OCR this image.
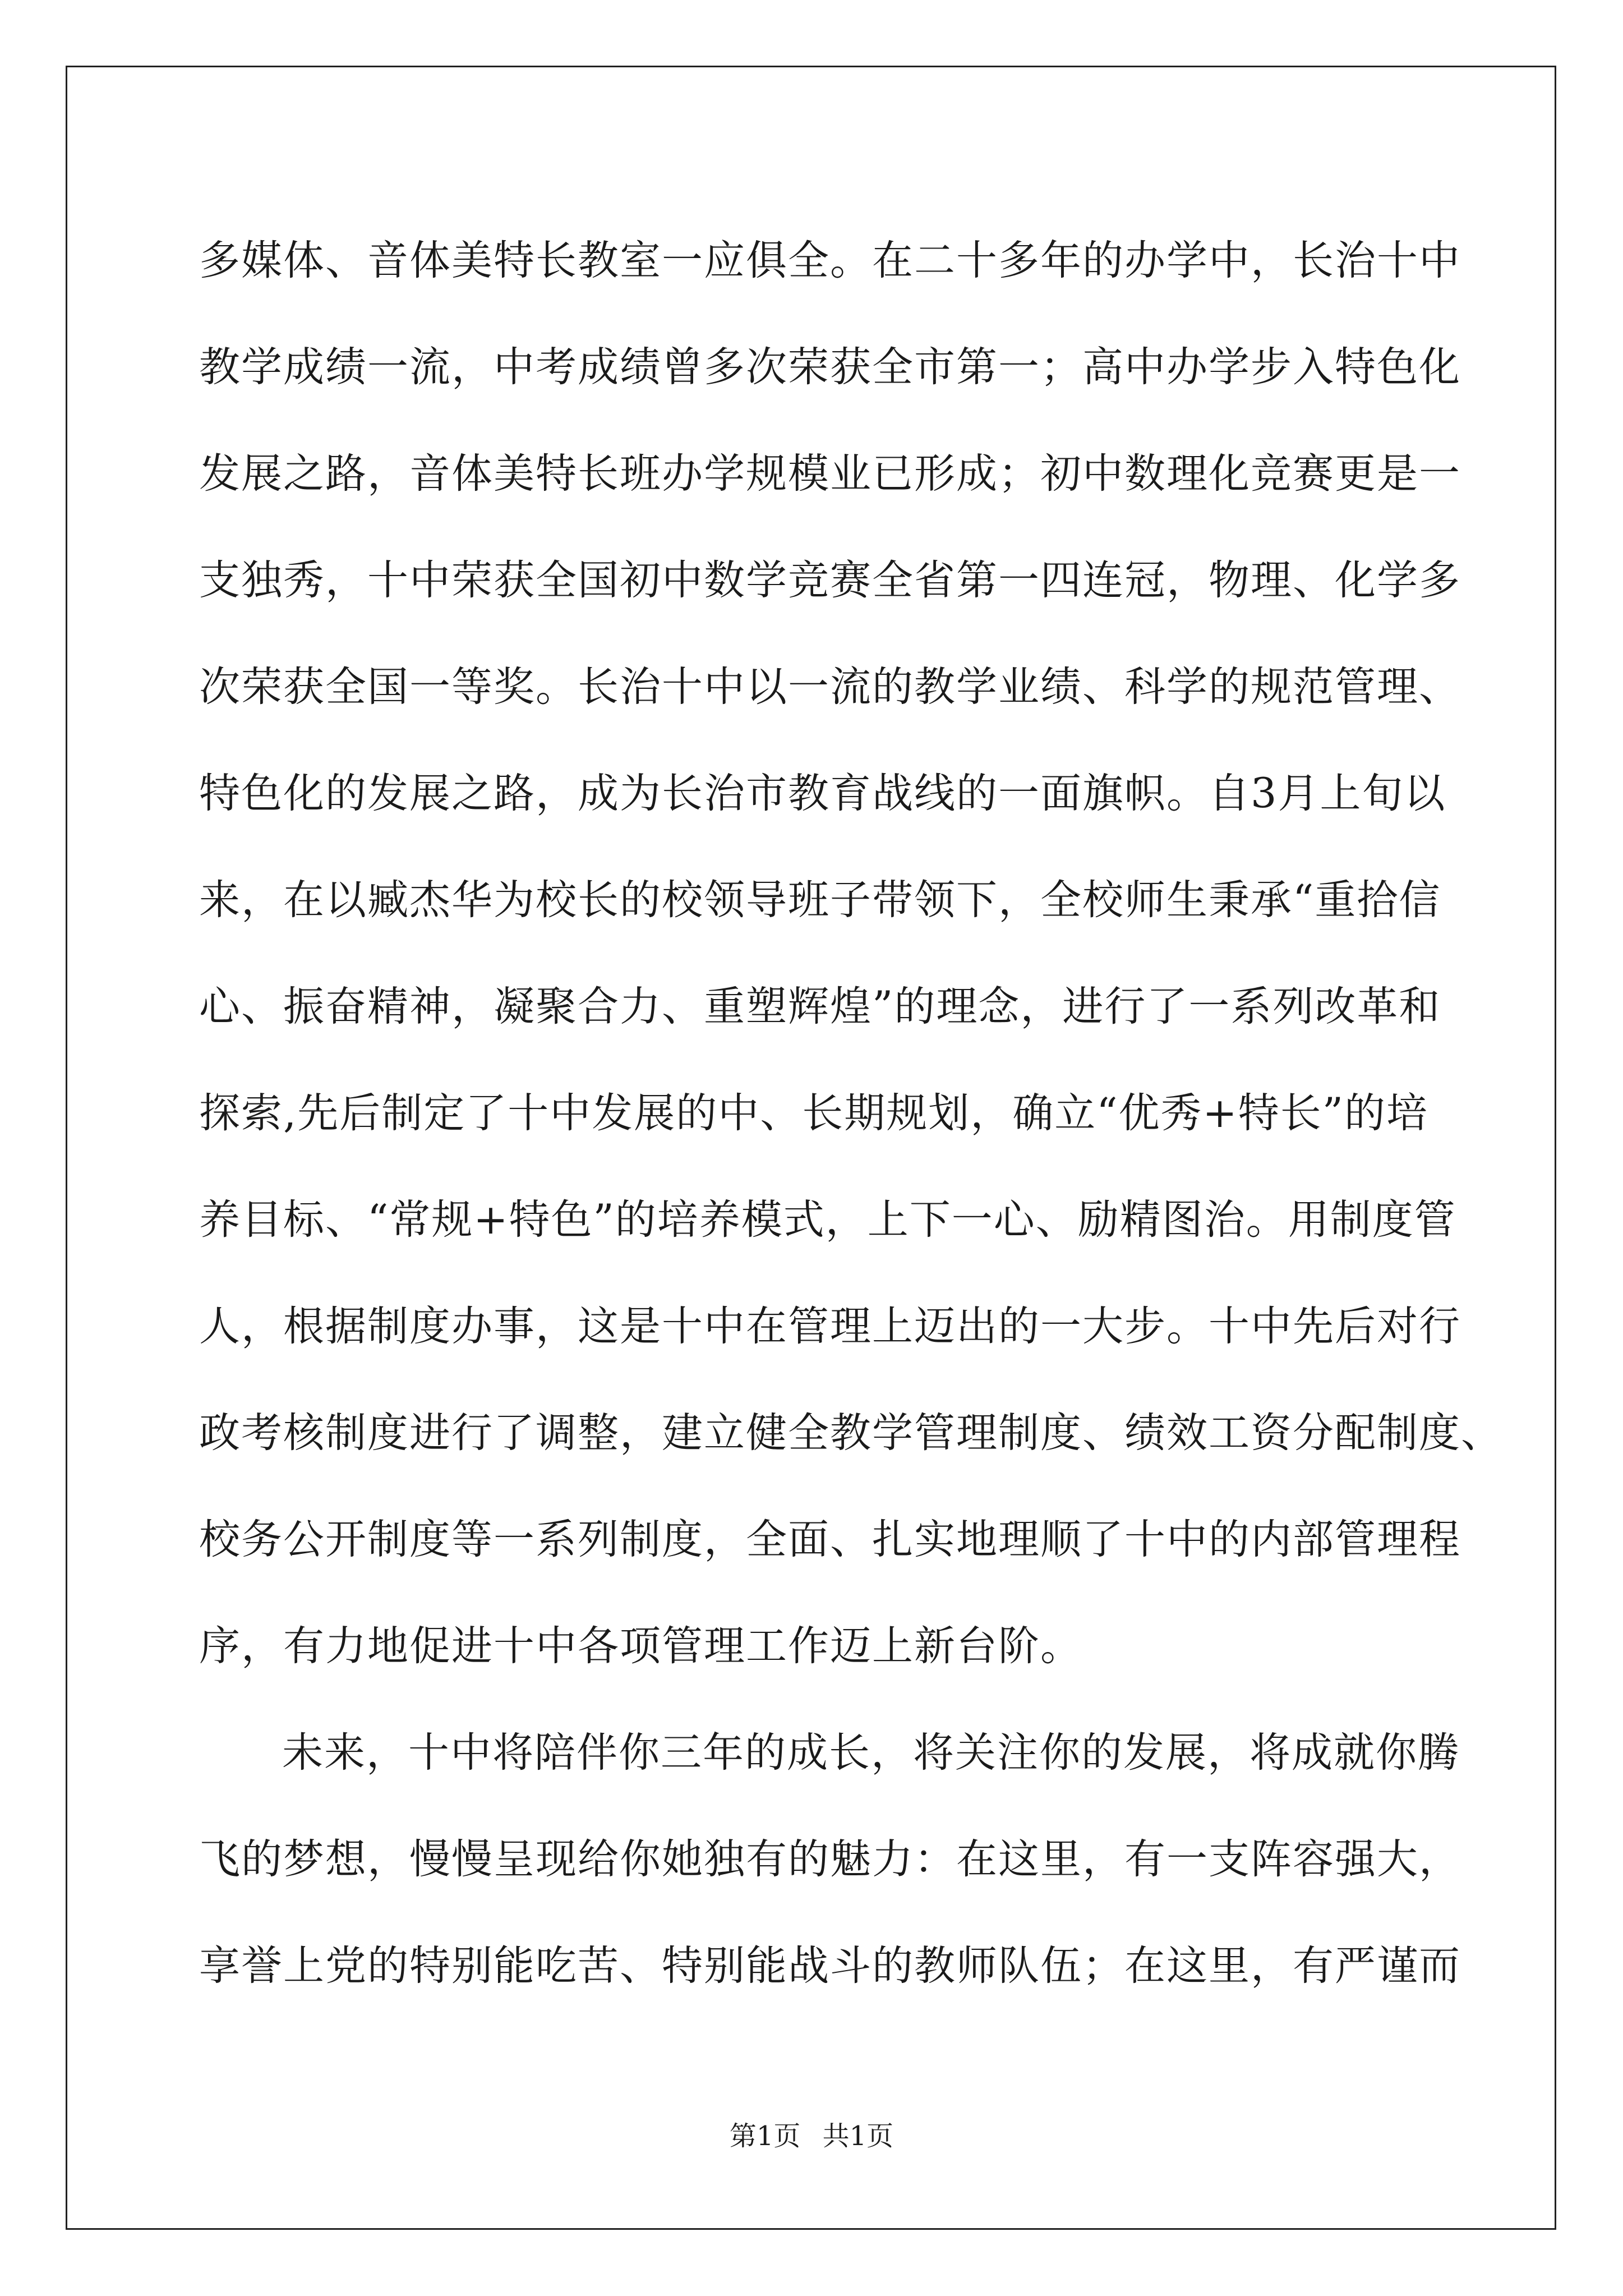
多媒体、音体美特长教室一应俱全。在二十多年的办学中，长治十中
教学成绩一流，中考成绩曾多次荣获全市第一；高中办学步入特色化
发展之路，音体美特长班办学规模业已形成；初中数理化竞赛更是一
支独秀，十中荣获全国初中数学竞赛全省第一四连冠，物理、化学多
次荣获全国一等奖。长治十中以一流的教学业绩、科学的规范管理、
特色化的发展之路，成为长治市教育战线的一面旗帜。自3月上旬以
来，在以臧杰华为校长的校领导班子带领下，全校师生秉承“重拾信
心、振奋精神，凝聚合力、重塑辉煌”的理念，进行了一系列改革和
探索,先后制定了十中发展的中、长期规划，确立“优秀+特长”的培
养目标、“常规+特色”的培养模式，上下一心、励精图治。用制度管
人，根据制度办事，这是十中在管理上迈出的一大步。十中先后对行
政考核制度进行了调整，建立健全教学管理制度、绩效工资分配制度、
校务公开制度等一系列制度，全面、扎实地理顺了十中的内部管理程
序，有力地促进十中各项管理工作迈上新台阶。
未来，十中将陪伴你三年的成长，将关注你的发展，将成就你腾
飞的梦想，慢慢呈现给你她独有的魅力：在这里，有一支阵容强大，
享誉上党的特别能吃苦、特别能战斗的教师队伍；在这里，有严谨而
第1页 共1页
